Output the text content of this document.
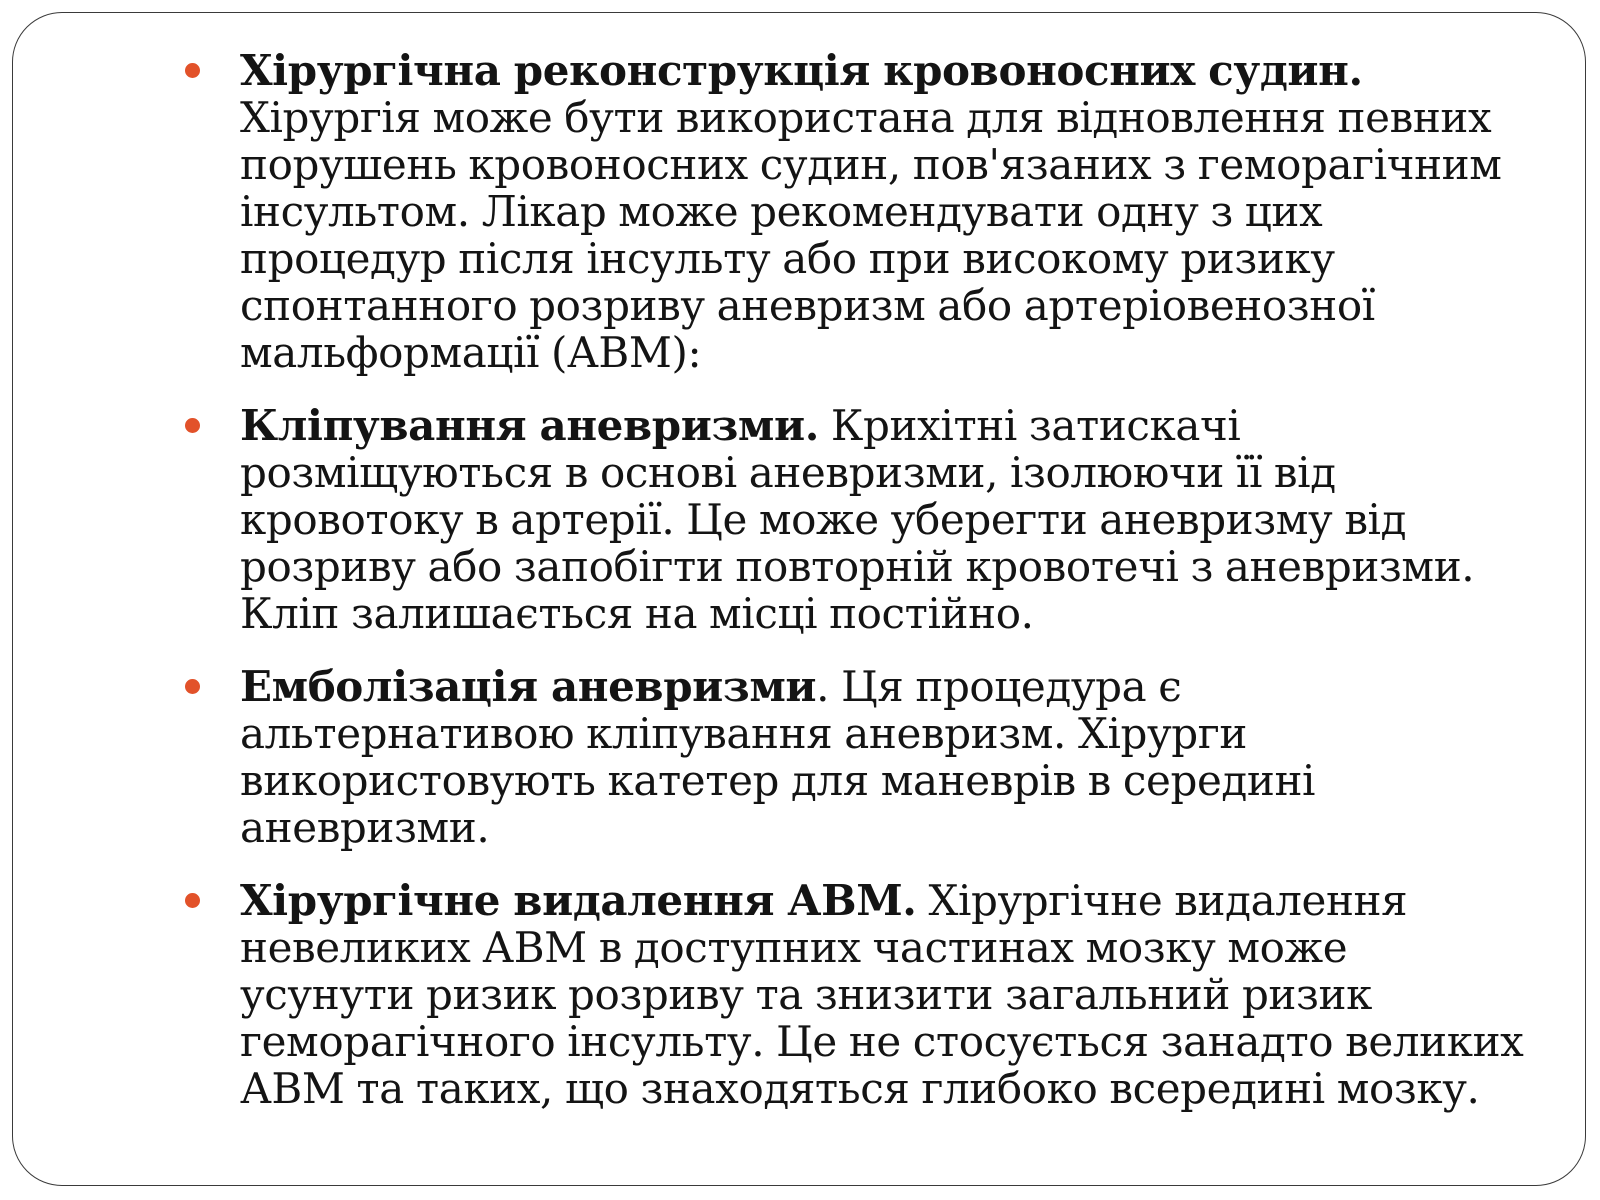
Хірургічна реконструкція кровоносних судин. Хірургія може бути використана для відновлення певних порушень кровоносних судин, пов'язаних з геморагічним інсультом. Лікар може рекомендувати одну з цих процедур після інсульту або при високому ризику спонтанного розриву аневризм або артеріовенозної мальформації (АВМ):
Кліпування аневризми. Крихітні затискачі розміщуються в основі аневризми, ізолюючи її від кровотоку в артерії. Це може уберегти аневризму від розриву або запобігти повторній кровотечі з аневризми. Кліп залишається на місці постійно.
Емболізація аневризми. Ця процедура є альтернативою кліпування аневризм. Хірурги використовують катетер для маневрів в середині аневризми.
Хірургічне видалення АВМ. Хірургічне видалення невеликих АВМ в доступних частинах мозку може усунути ризик розриву та знизити загальний ризик геморагічного інсульту. Це не стосується занадто великих АВМ та таких, що знаходяться глибоко всередині мозку.
